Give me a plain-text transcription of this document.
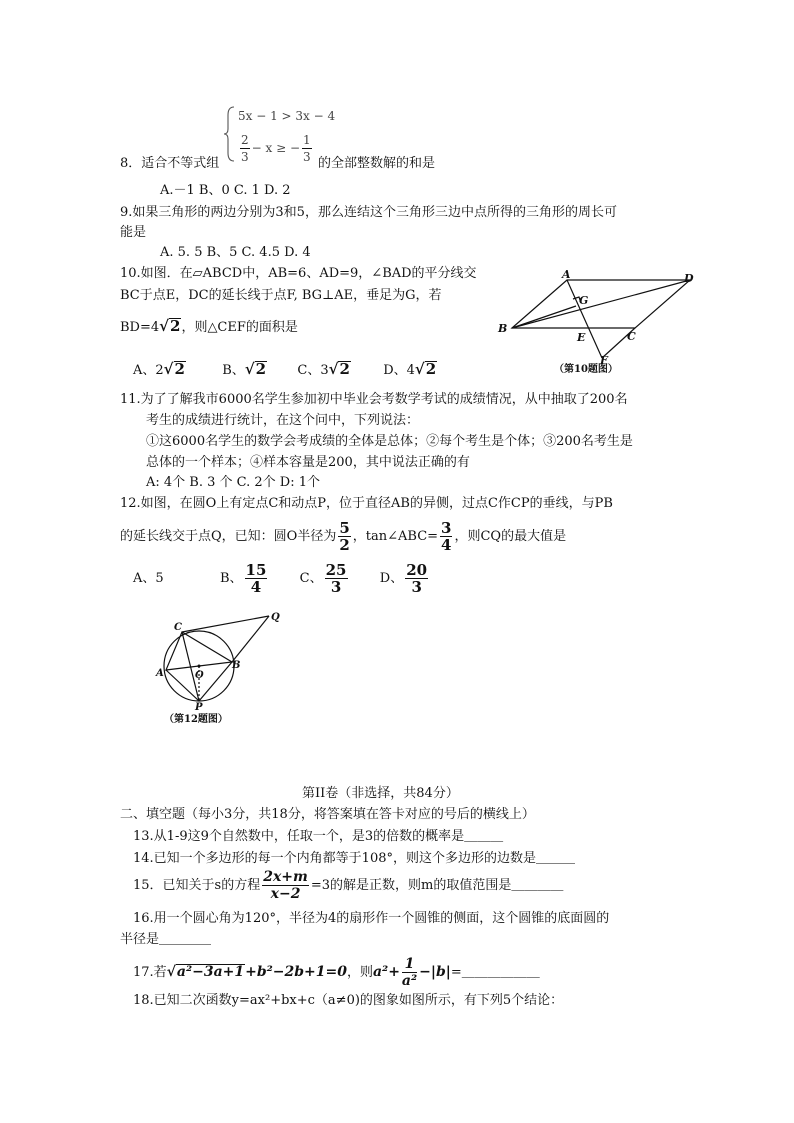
5x − 1 > 3x − 4
$\frac{2}{3} - x$ ≥ − $\frac{1}{3}$
8．适合不等式组	的全部整数解的和是
A.－1 B、0 C. 1 D. 2
9.如果三角形的两边分别为3和5，那么连结这个三角形三边中点所得的三角形的周长可
能是
A. 5. 5 B、5 C. 4.5 D. 4
10.如图．在▱ABCD中，AB=6、AD=9，∠BAD的平分线交
BC于点E，DC的延长线于点F, BG⊥AE，垂足为G，若
BD=4√2，则△CEF的面积是
A、2√2	B、√2 C、3√2	D、4√2
A
B
C
D
E
F
G
（第10题图）
11.为了了解我市6000名学生参加初中毕业会考数学考试的成绩情况，从中抽取了200名
考生的成绩进行统计，在这个问中，下列说法：
①这6000名学生的数学会考成绩的全体是总体；②每个考生是个体；③200名考生是
总体的一个样本；④样本容量是200，其中说法正确的有
A: 4个 B. 3 个 C. 2个 D: 1个
12.如图，在圆O上有定点C和动点P，位于直径AB的异侧，过点C作CP的垂线，与PB
的延长线交于点Q，已知：圆O半径为 $\frac{5}{2}$ ，tan∠ABC= $\frac{3}{4}$ ，则CQ的最大值是
A、5	B、 $\frac{15}{4}$ C、 $\frac{25}{3}$ D、 $\frac{20}{3}$
C
Q
A	O
B
P
（第12题图）
第II卷（非选择，共84分）
二、填空题（每小3分，共18分，将答案填在答卡对应的号后的横线上）
13.从1-9这9个自然数中，任取一个，是3的倍数的概率是＿＿＿
14.已知一个多边形的每一个内角都等于108°，则这个多边形的边数是＿＿＿
15．已知关于s的方程 $\frac{2x+m}{x-2} =3$的解是正数，则m的取值范围是＿＿＿＿
16.用一个圆心角为120°，半径为4的扇形作一个圆锥的侧面，这个圆锥的底面圆的
半径是＿＿＿＿
17.若√a²−3a+1+b²−2b+1=0，则$a^2+ \frac{1}{\text{a²}}$ −|b|=＿＿＿＿＿＿
18.已知二次函数y=ax²+bx+c（a≠0)的图象如图所示，有下列5个结论：
